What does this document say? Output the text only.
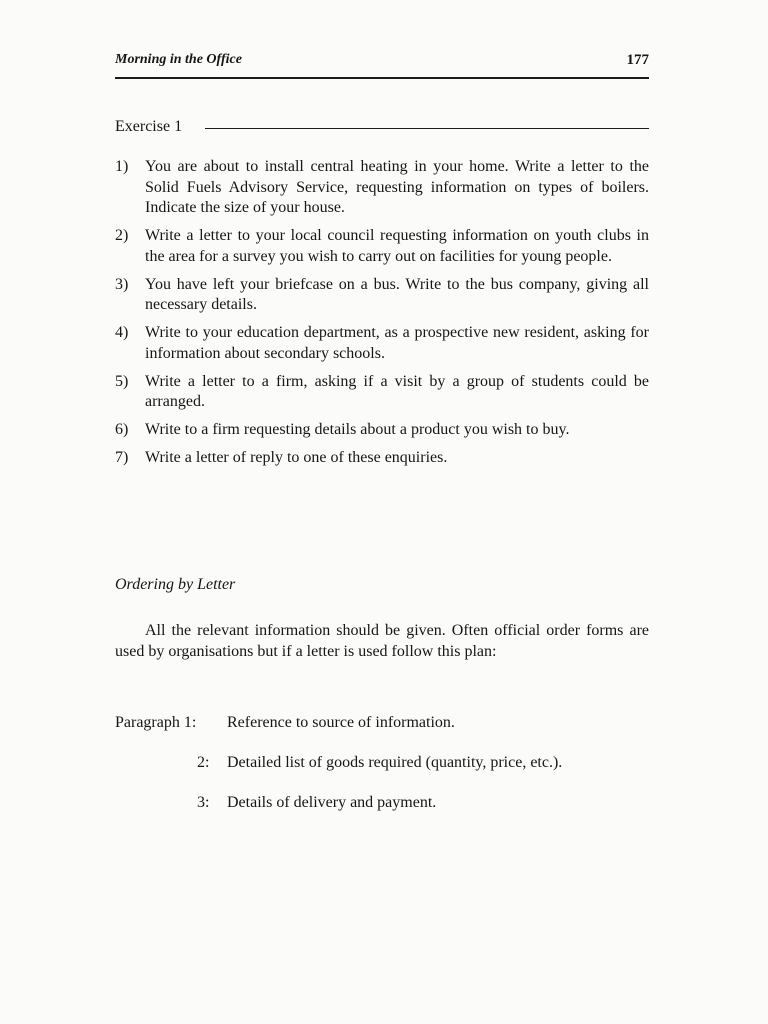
Morning in the Office	177
Exercise 1
1) You are about to install central heating in your home. Write a letter to the Solid Fuels Advisory Service, requesting information on types of boilers. Indicate the size of your house.
2) Write a letter to your local council requesting information on youth clubs in the area for a survey you wish to carry out on facilities for young people.
3) You have left your briefcase on a bus. Write to the bus company, giving all necessary details.
4) Write to your education department, as a prospective new resident, asking for information about secondary schools.
5) Write a letter to a firm, asking if a visit by a group of students could be arranged.
6) Write to a firm requesting details about a product you wish to buy.
7) Write a letter of reply to one of these enquiries.
Ordering by Letter

All the relevant information should be given. Often official order forms are used by organisations but if a letter is used follow this plan:

Paragraph 1: Reference to source of information.
2: Detailed list of goods required (quantity, price, etc.).
3: Details of delivery and payment.
